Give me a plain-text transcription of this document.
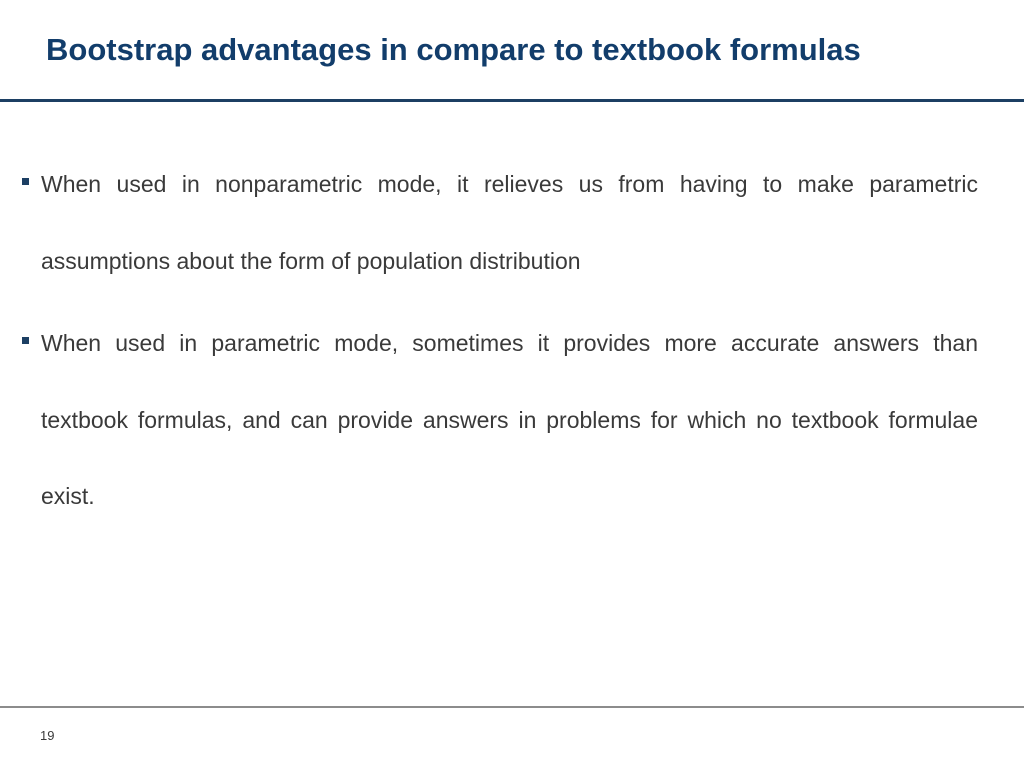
Bootstrap advantages in compare to textbook formulas
When used in nonparametric mode, it relieves us from having to make parametric assumptions about the form of population distribution
When used in parametric mode, sometimes it provides more accurate answers than textbook formulas, and can provide answers in problems for which no textbook formulae exist.
19
